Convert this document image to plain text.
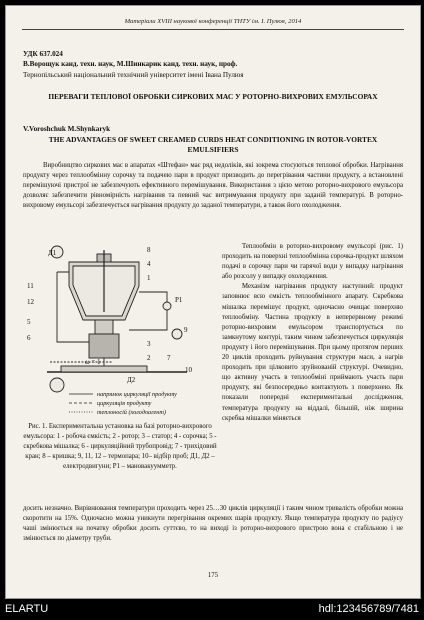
Матеріали XVIII наукової конференції ТНТУ ім. І. Пулюя, 2014
УДК 637.024
В.Ворощук канд. техн. наук, М.Шинкарик канд. техн. наук, проф.
Тернопільський національний технічний університет імені Івана Пулюя
ПЕРЕВАГИ ТЕПЛОВОЇ ОБРОБКИ СИРКОВИХ МАС У РОТОРНО-ВИХРОВИХ ЕМУЛЬСОРАХ
V.Voroshchuk M.Shynkaryk
THE ADVANTAGES OF SWEET CREAMED CURDS HEAT CONDITIONING IN ROTOR-VORTEX EMULSIFIERS
Виробництво сиркових мас в апаратах «Штефан» має ряд недоліків, які зокрема стосуються теплової обробки. Нагрівання продукту через теплообмінну сорочку та подачею пари в продукт призводить до перегрівання частини продукту, а встановлені перемішуючі пристрої не забезпечують ефективного перемішування. Використання з цією метою роторно-вихрового емульсора дозволяє забезпечити рівномірність нагрівання та певний час витримування продукту при заданій температурі. В роторно-вихровому емульсорі забезпечується нагрівання продукту до заданої температури, а також його охолодження.
Д1
11
12
8
4
1
Р1
9
5
6
3
2 7
10
Д2
ω = 1
напрямок циркуляції продукту
циркуляція продукту
теплоносій (холодоагент)
Рис. 1. Експериментальна установка на базі роторно-вихрового емульсора: 1 - робоча ємкість; 2 - ротор; 3 – статор; 4 - сорочка; 5 - скребкова мішалка; 6 - циркуляційний трубопровід; 7 - трихідовий кран; 8 – кришка; 9, 11, 12 – термопара; 10– відбір проб; Д1, Д2 – електродвигуни; Р1 – мановакуумметр.

Теплообмін в роторно-вихровому емульсорі (рис. 1) проходить на поверхні теплообмінна сорочка-продукт шляхом подачі в сорочку пари чи гарячої води у випадку нагрівання або розсолу у випадку охолодження.

Механізм нагрівання продукту наступний: продукт заповнює всю ємкість теплообмінного апарату. Скребкова мішалка перемішує продукт, одночасно очищає поверхню теплообміну. Частина продукту в неперервному режимі роторно-вихровим емульсором транспортується по замкнутому контурі, таким чином забезпечується циркуляція продукту і його перемішування. При цьому протягом перших 20 циклів проходить руйнування структури маси, а нагрів проходить при цілковито зруйнованій структурі. Очевидно, що активну участь в теплообміні приймають участь пари продукту, які безпосередньо контактують з поверхнею. Як показали попередні експериментальні дослідження, температура продукту на віддалі, більшій, ніж ширина скребка мішалки міняється

досить незначно. Вирівнювання температури проходить через 25…30 циклів циркуляції і таким чином тривалість обробки можна скоротити на 15%. Одночасно можна уникнути перегрівання окремих шарів продукту. Якщо температура продукту по радіусу чаші змінюється на початку обробки досить суттєво, то на виході із роторно-вихрового пристрою вона є стабільною і не змінюється по діаметру труби.
175
ELARTU	hdl:123456789/7481
